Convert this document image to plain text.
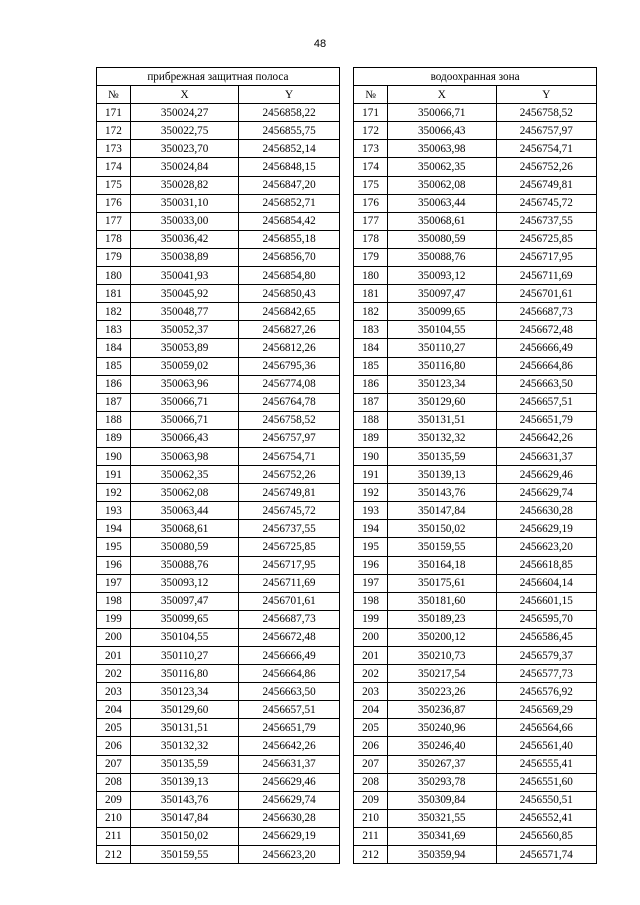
48
прибрежная защитная полоса				водоохранная зона		
№	X	Y		№	X	Y
171	350024,27	2456858,22		171	350066,71	2456758,52
172	350022,75	2456855,75		172	350066,43	2456757,97
173	350023,70	2456852,14		173	350063,98	2456754,71
174	350024,84	2456848,15		174	350062,35	2456752,26
175	350028,82	2456847,20		175	350062,08	2456749,81
176	350031,10	2456852,71		176	350063,44	2456745,72
177	350033,00	2456854,42		177	350068,61	2456737,55
178	350036,42	2456855,18		178	350080,59	2456725,85
179	350038,89	2456856,70		179	350088,76	2456717,95
180	350041,93	2456854,80		180	350093,12	2456711,69
181	350045,92	2456850,43		181	350097,47	2456701,61
182	350048,77	2456842,65		182	350099,65	2456687,73
183	350052,37	2456827,26		183	350104,55	2456672,48
184	350053,89	2456812,26		184	350110,27	2456666,49
185	350059,02	2456795,36		185	350116,80	2456664,86
186	350063,96	2456774,08		186	350123,34	2456663,50
187	350066,71	2456764,78		187	350129,60	2456657,51
188	350066,71	2456758,52		188	350131,51	2456651,79
189	350066,43	2456757,97		189	350132,32	2456642,26
190	350063,98	2456754,71		190	350135,59	2456631,37
191	350062,35	2456752,26		191	350139,13	2456629,46
192	350062,08	2456749,81		192	350143,76	2456629,74
193	350063,44	2456745,72		193	350147,84	2456630,28
194	350068,61	2456737,55		194	350150,02	2456629,19
195	350080,59	2456725,85		195	350159,55	2456623,20
196	350088,76	2456717,95		196	350164,18	2456618,85
197	350093,12	2456711,69		197	350175,61	2456604,14
198	350097,47	2456701,61		198	350181,60	2456601,15
199	350099,65	2456687,73		199	350189,23	2456595,70
200	350104,55	2456672,48		200	350200,12	2456586,45
201	350110,27	2456666,49		201	350210,73	2456579,37
202	350116,80	2456664,86		202	350217,54	2456577,73
203	350123,34	2456663,50		203	350223,26	2456576,92
204	350129,60	2456657,51		204	350236,87	2456569,29
205	350131,51	2456651,79		205	350240,96	2456564,66
206	350132,32	2456642,26		206	350246,40	2456561,40
207	350135,59	2456631,37		207	350267,37	2456555,41
208	350139,13	2456629,46		208	350293,78	2456551,60
209	350143,76	2456629,74		209	350309,84	2456550,51
210	350147,84	2456630,28		210	350321,55	2456552,41
211	350150,02	2456629,19		211	350341,69	2456560,85
212	350159,55	2456623,20		212	350359,94	2456571,74
